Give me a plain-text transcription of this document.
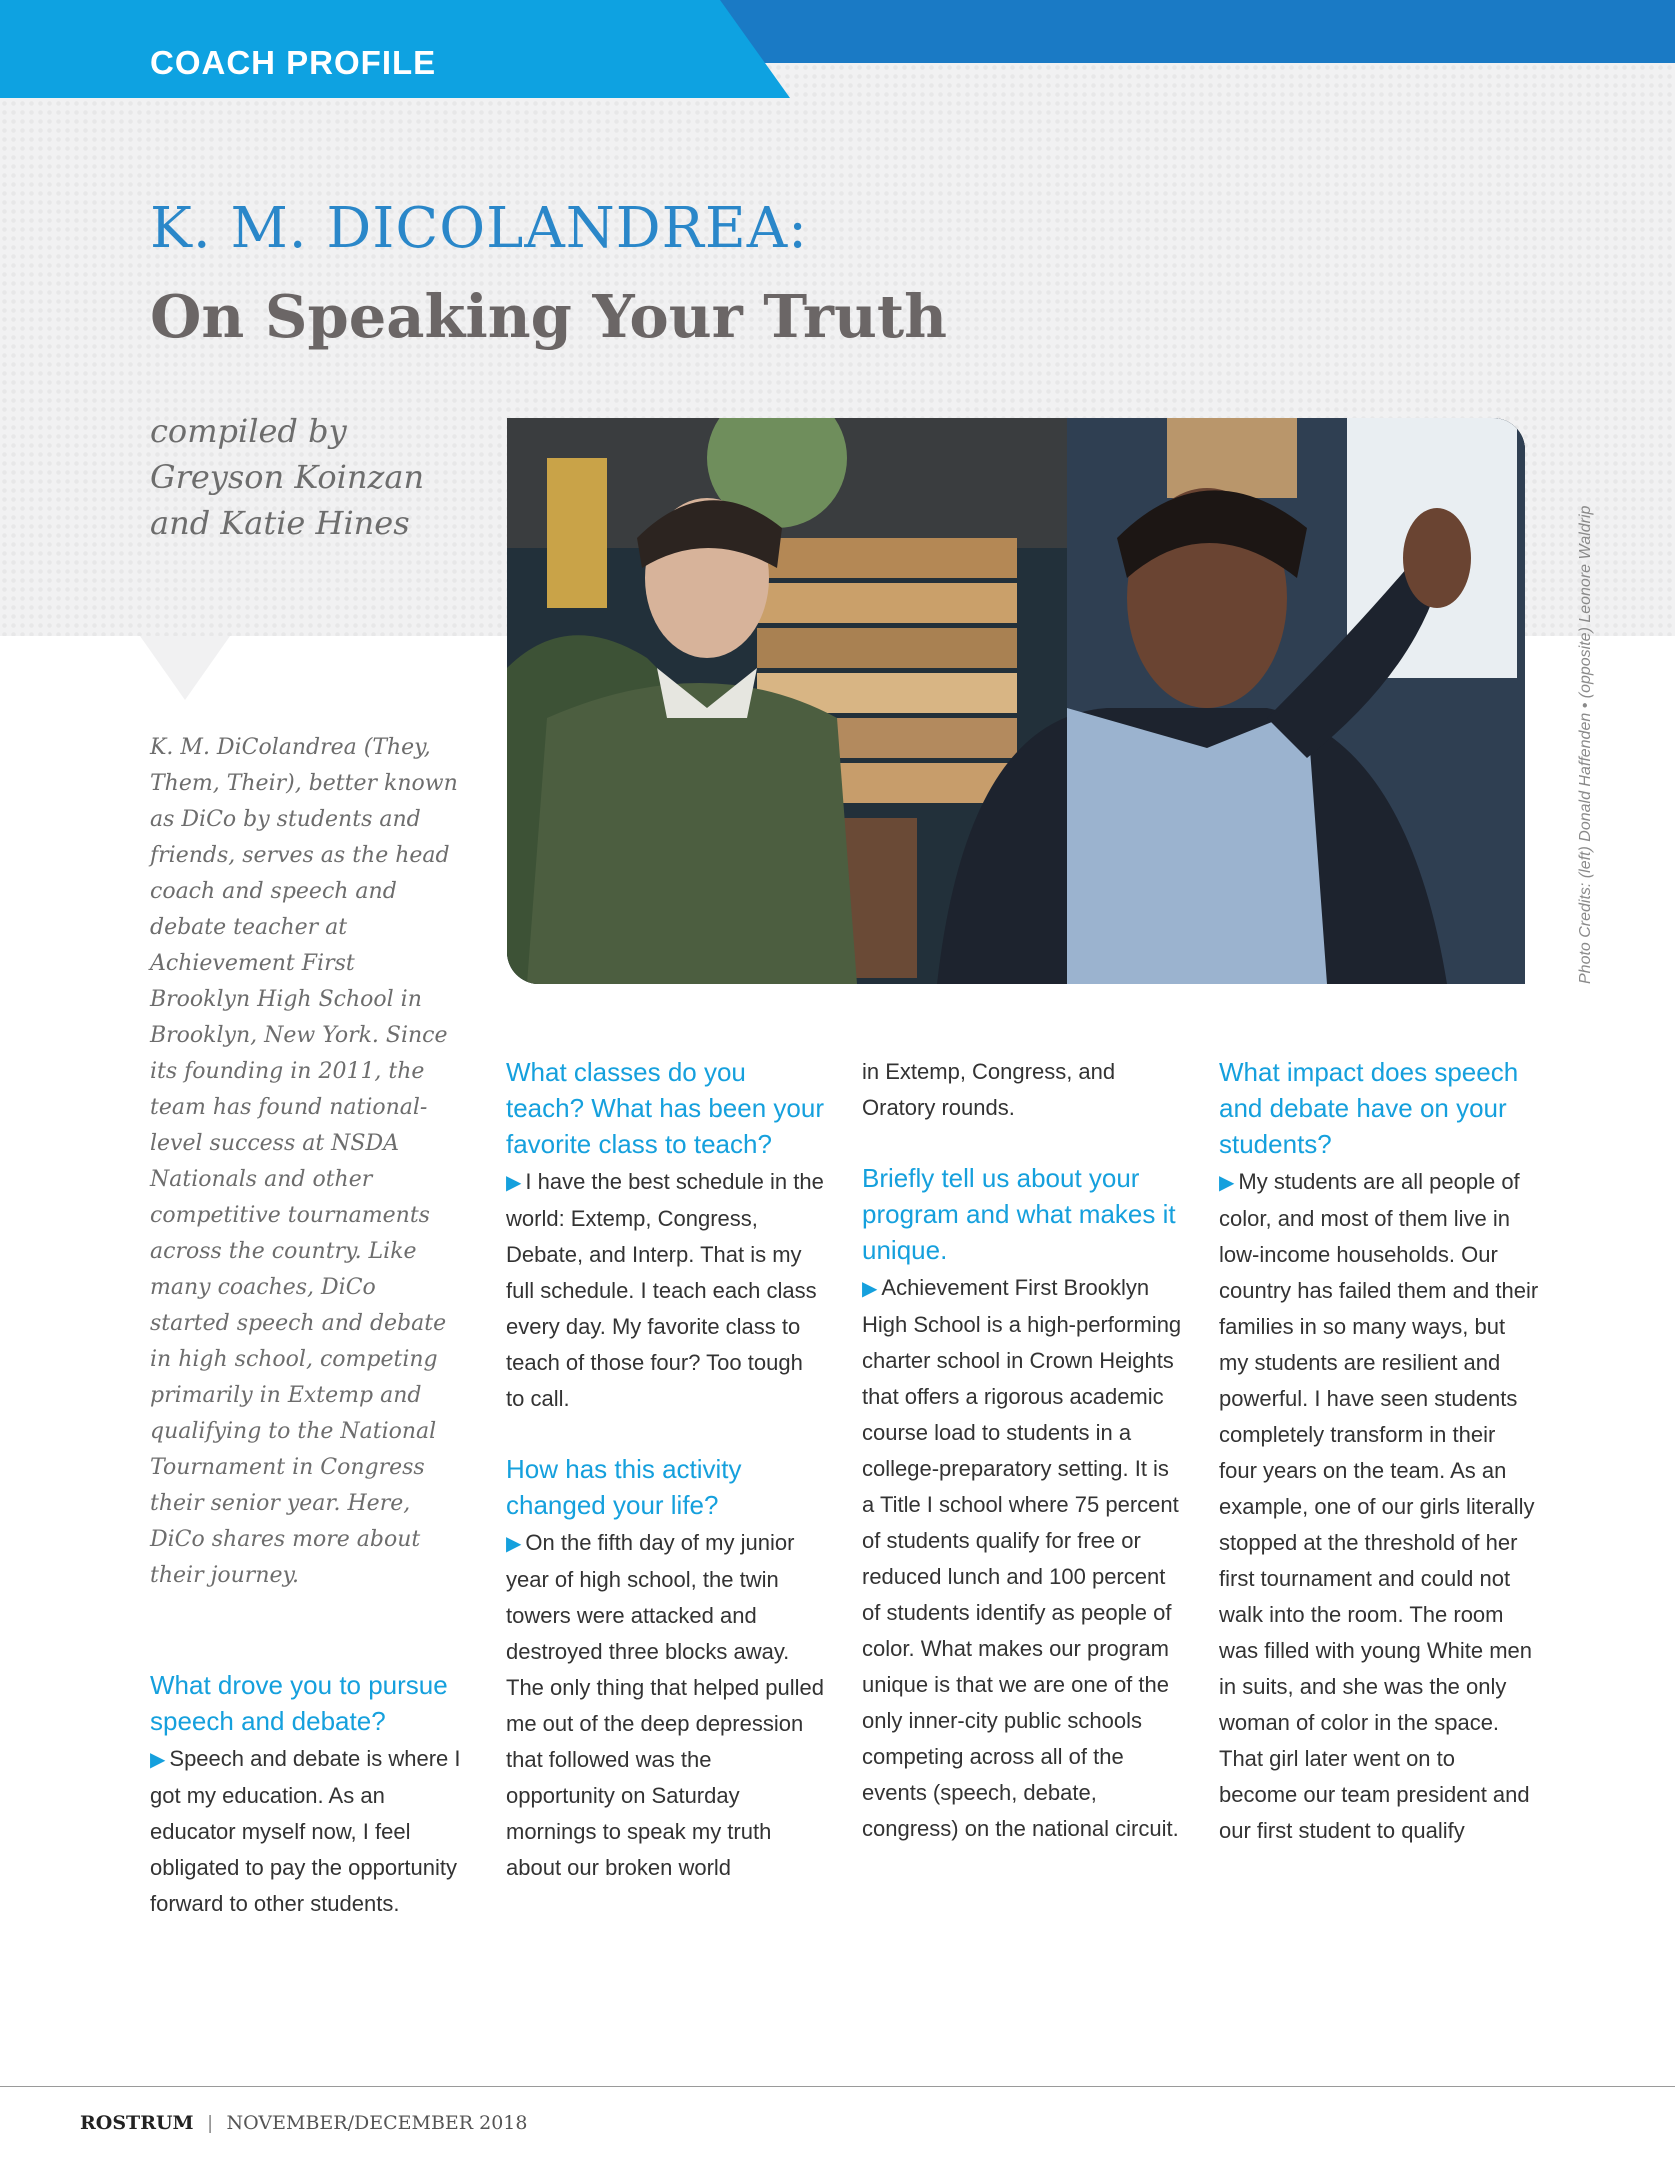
COACH PROFILE
K. M. DICOLANDREA:
On Speaking Your Truth
compiled by
Greyson Koinzan
and Katie Hines	Photo Credits: (left) Donald Haffenden • (opposite) Leonore Waldrip
K. M. DiColandrea (They, Them, Their), better known as DiCo by students and friends, serves as the head coach and speech and debate teacher at Achievement First Brooklyn High School in Brooklyn, New York. Since its founding in 2011, the team has found national-level success at NSDA Nationals and other competitive tournaments across the country. Like many coaches, DiCo started speech and debate in high school, competing primarily in Extemp and qualifying to the National Tournament in Congress their senior year. Here, DiCo shares more about their journey.
What drove you to pursue speech and debate?
▶ Speech and debate is where I got my education. As an educator myself now, I feel obligated to pay the opportunity forward to other students.
What classes do you teach? What has been your favorite class to teach?
▶ I have the best schedule in the world: Extemp, Congress, Debate, and Interp. That is my full schedule. I teach each class every day. My favorite class to teach of those four? Too tough to call.
How has this activity changed your life?
▶ On the fifth day of my junior year of high school, the twin towers were attacked and destroyed three blocks away. The only thing that helped pulled me out of the deep depression that followed was the opportunity on Saturday mornings to speak my truth about our broken world
in Extemp, Congress, and Oratory rounds.
Briefly tell us about your program and what makes it unique.
▶ Achievement First Brooklyn High School is a high-performing charter school in Crown Heights that offers a rigorous academic course load to students in a college-preparatory setting. It is a Title I school where 75 percent of students qualify for free or reduced lunch and 100 percent of students identify as people of color. What makes our program unique is that we are one of the only inner-city public schools competing across all of the events (speech, debate, congress) on the national circuit.
What impact does speech and debate have on your students?
▶ My students are all people of color, and most of them live in low-income households. Our country has failed them and their families in so many ways, but my students are resilient and powerful. I have seen students completely transform in their four years on the team. As an example, one of our girls literally stopped at the threshold of her first tournament and could not walk into the room. The room was filled with young White men in suits, and she was the only woman of color in the space. That girl later went on to become our team president and our first student to qualify
ROSTRUM | NOVEMBER/DECEMBER 2018
